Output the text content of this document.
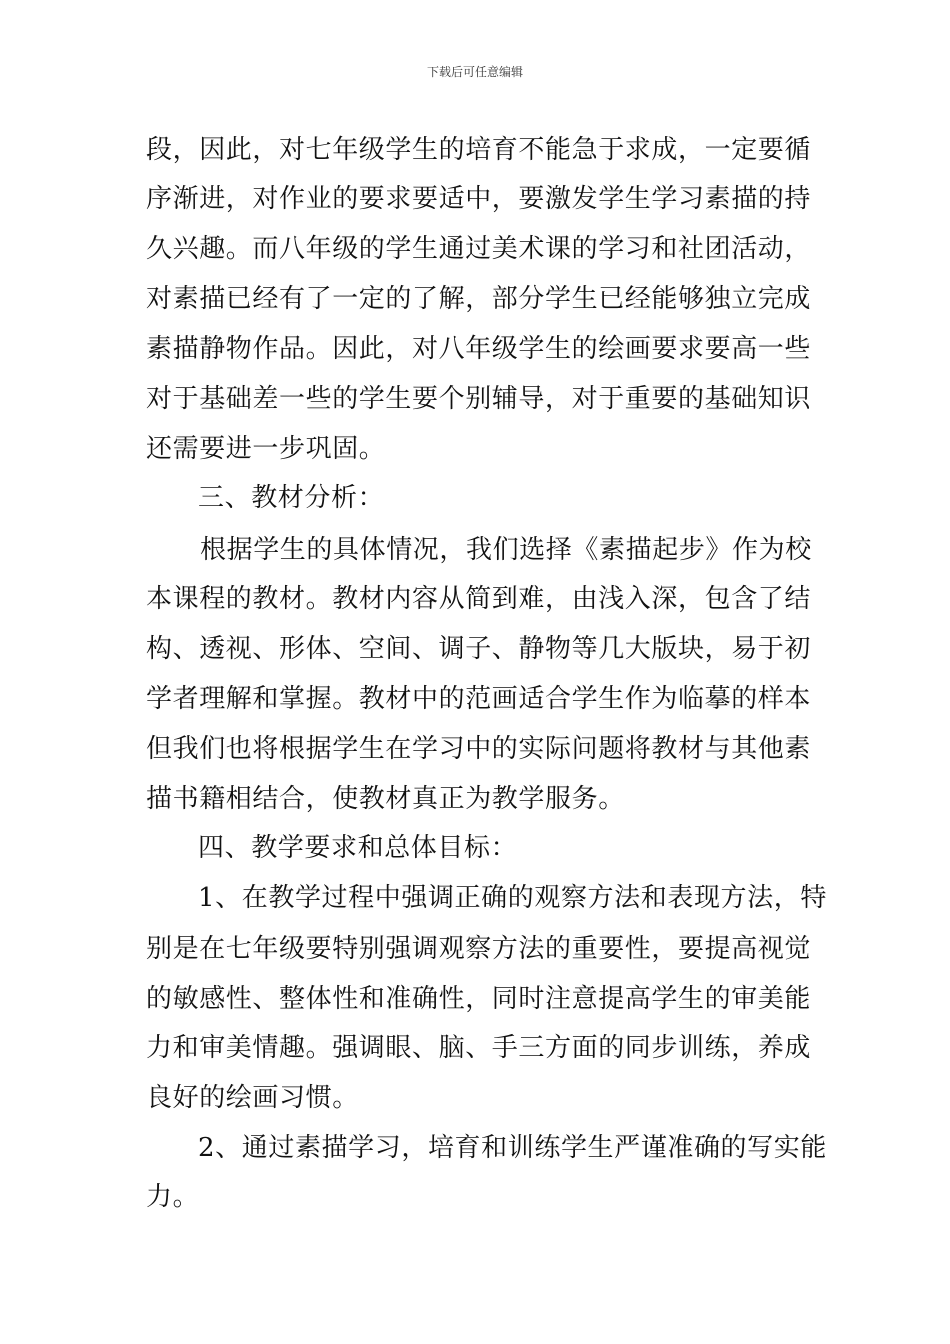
下载后可任意编辑
段，因此，对七年级学生的培育不能急于求成，一定要循
序渐进，对作业的要求要适中，要激发学生学习素描的持
久兴趣。而八年级的学生通过美术课的学习和社团活动，
对素描已经有了一定的了解，部分学生已经能够独立完成
素描静物作品。因此，对八年级学生的绘画要求要高一些
对于基础差一些的学生要个别辅导，对于重要的基础知识
还需要进一步巩固。
三、教材分析：
根据学生的具体情况，我们选择《素描起步》作为校
本课程的教材。教材内容从简到难，由浅入深，包含了结
构、透视、形体、空间、调子、静物等几大版块，易于初
学者理解和掌握。教材中的范画适合学生作为临摹的样本
但我们也将根据学生在学习中的实际问题将教材与其他素
描书籍相结合，使教材真正为教学服务。
四、教学要求和总体目标：
1、在教学过程中强调正确的观察方法和表现方法，特
别是在七年级要特别强调观察方法的重要性，要提高视觉
的敏感性、整体性和准确性，同时注意提高学生的审美能
力和审美情趣。强调眼、脑、手三方面的同步训练，养成
良好的绘画习惯。
2、通过素描学习，培育和训练学生严谨准确的写实能
力。
